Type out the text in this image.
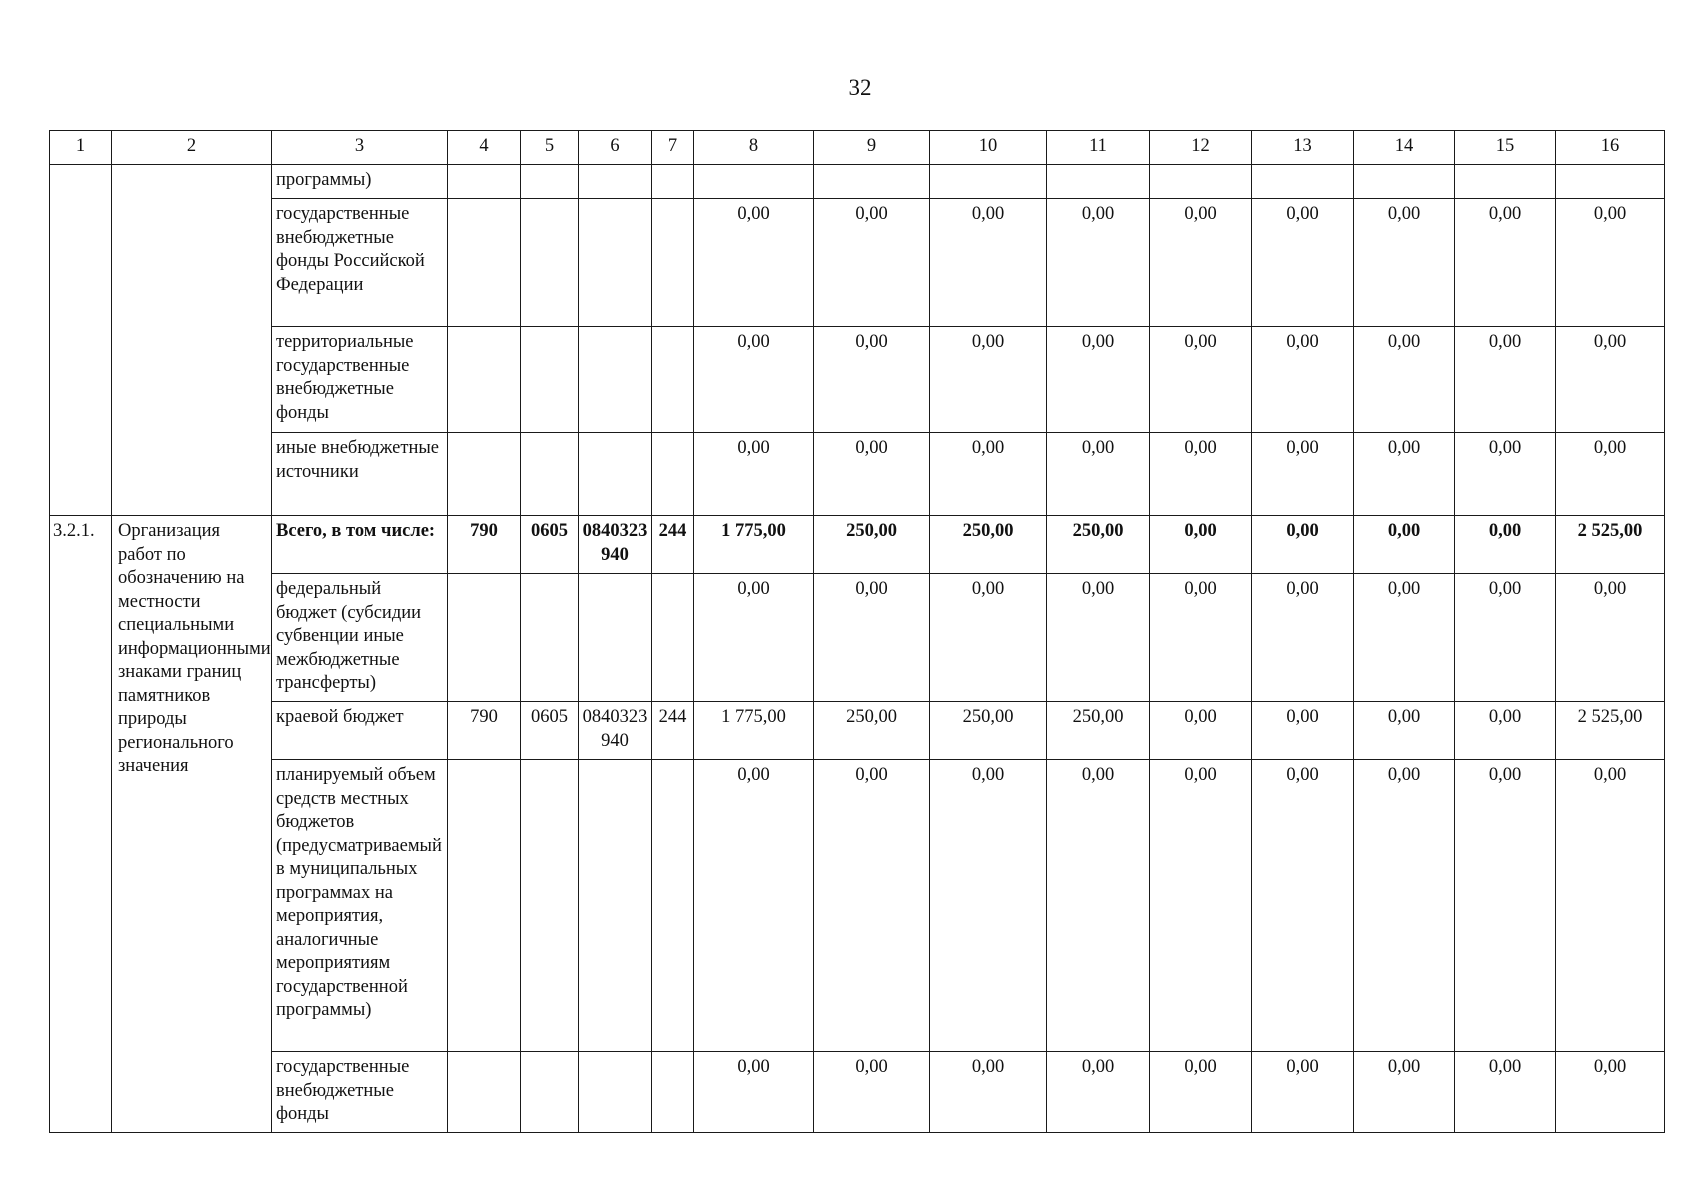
32
1	2	3	4	5	6	7	8	9	10	11	12	13	14	15	16
		программы)													
		государственные внебюджетные фонды Российской Федерации					0,00	0,00	0,00	0,00	0,00	0,00	0,00	0,00	0,00
		территориальные государственные внебюджетные фонды					0,00	0,00	0,00	0,00	0,00	0,00	0,00	0,00	0,00
		иные внебюджетные источники					0,00	0,00	0,00	0,00	0,00	0,00	0,00	0,00	0,00
3.2.1.	Организация работ по обозначению на местности специальными информационными знаками границ памятников природы регионального значения	Всего, в том числе:	790	0605	0840323940	244	1 775,00	250,00	250,00	250,00	0,00	0,00	0,00	0,00	2 525,00
		федеральный бюджет (субсидии субвенции иные межбюджетные трансферты)					0,00	0,00	0,00	0,00	0,00	0,00	0,00	0,00	0,00
		краевой бюджет	790	0605	0840323940	244	1 775,00	250,00	250,00	250,00	0,00	0,00	0,00	0,00	2 525,00
		планируемый объем средств местных бюджетов (предусматриваемый в муниципальных программах на мероприятия, аналогичные мероприятиям государственной программы)					0,00	0,00	0,00	0,00	0,00	0,00	0,00	0,00	0,00
		государственные внебюджетные фонды					0,00	0,00	0,00	0,00	0,00	0,00	0,00	0,00	0,00
